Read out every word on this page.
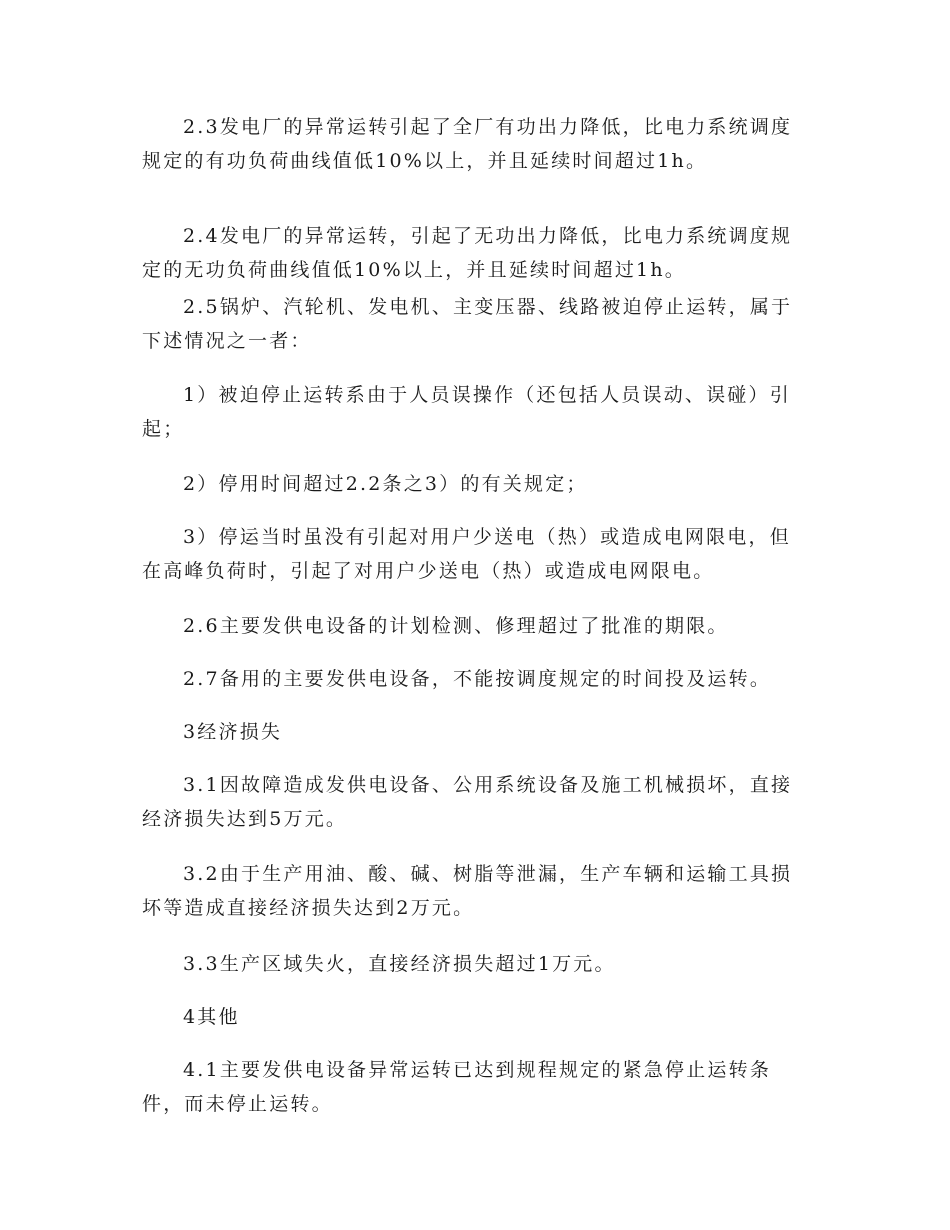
2.3发电厂的异常运转引起了全厂有功出力降低，比电力系统调度规定的有功负荷曲线值低10%以上，并且延续时间超过1h。

2.4发电厂的异常运转，引起了无功出力降低，比电力系统调度规定的无功负荷曲线值低10%以上，并且延续时间超过1h。

2.5锅炉、汽轮机、发电机、主变压器、线路被迫停止运转，属于下述情况之一者：

1）被迫停止运转系由于人员误操作（还包括人员误动、误碰）引起；

2）停用时间超过2.2条之3）的有关规定；

3）停运当时虽没有引起对用户少送电（热）或造成电网限电，但在高峰负荷时，引起了对用户少送电（热）或造成电网限电。

2.6主要发供电设备的计划检测、修理超过了批准的期限。

2.7备用的主要发供电设备，不能按调度规定的时间投及运转。

3经济损失

3.1因故障造成发供电设备、公用系统设备及施工机械损坏，直接经济损失达到5万元。

3.2由于生产用油、酸、碱、树脂等泄漏，生产车辆和运输工具损坏等造成直接经济损失达到2万元。

3.3生产区域失火，直接经济损失超过1万元。

4其他

4.1主要发供电设备异常运转已达到规程规定的紧急停止运转条件，而未停止运转。
